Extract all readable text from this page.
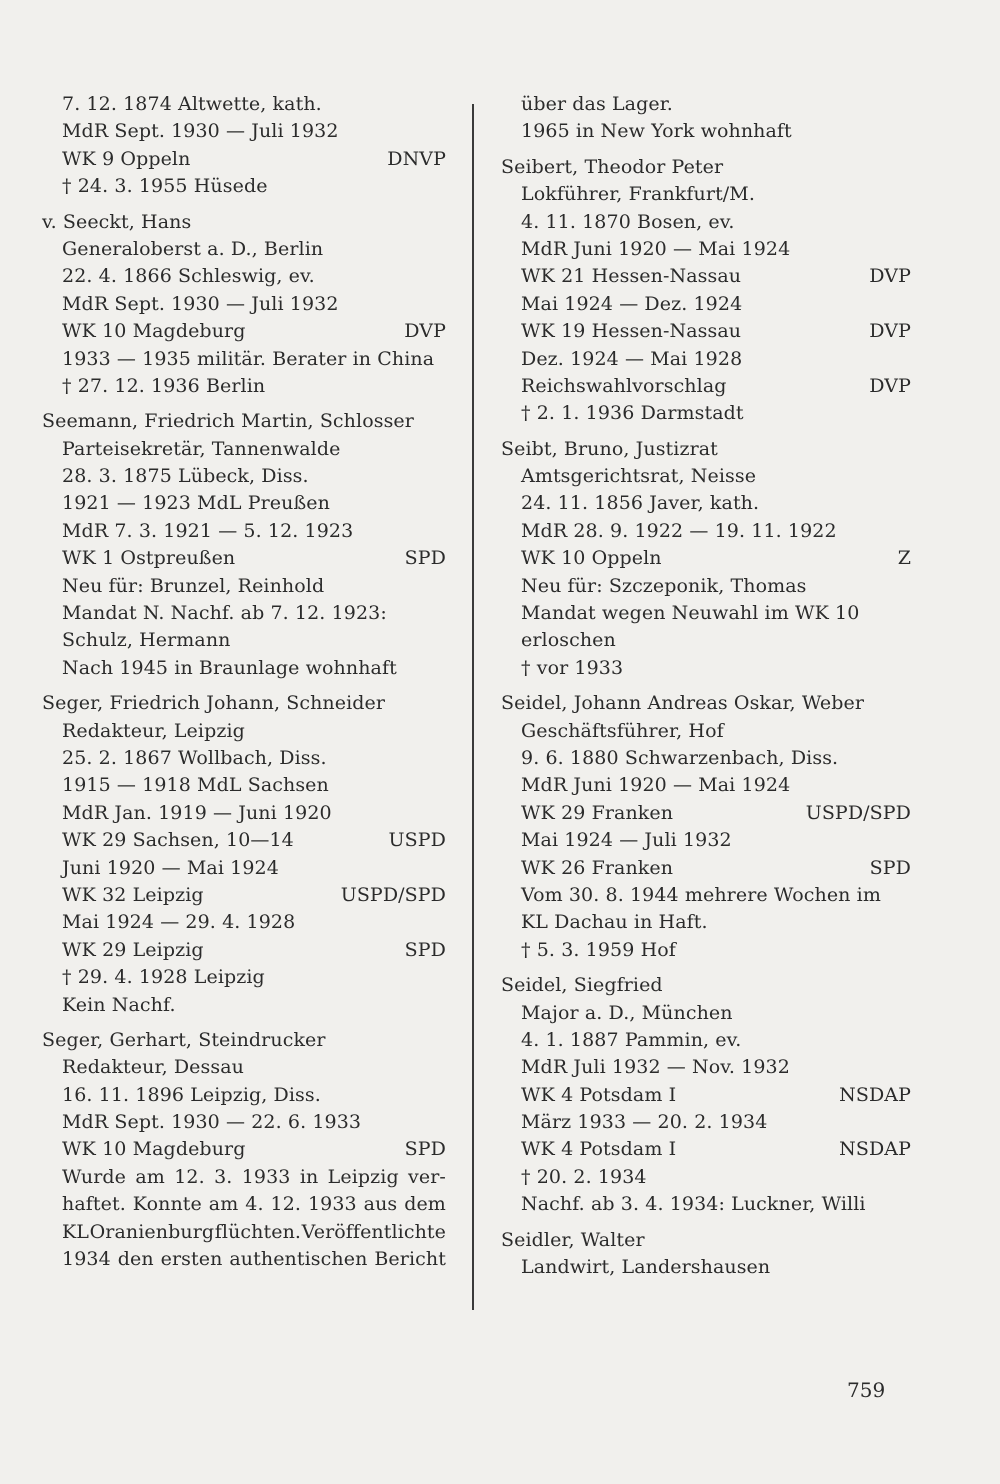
7. 12. 1874 Altwette, kath.
MdR Sept. 1930 — Juli 1932
WK 9 Oppeln	DNVP
† 24. 3. 1955 Hüsede
v. Seeckt, Hans
Generaloberst a. D., Berlin
22. 4. 1866 Schleswig, ev.
MdR Sept. 1930 — Juli 1932
WK 10 Magdeburg	DVP
1933 — 1935 militär. Berater in China
† 27. 12. 1936 Berlin
Seemann, Friedrich Martin, Schlosser
Parteisekretär, Tannenwalde
28. 3. 1875 Lübeck, Diss.
1921 — 1923 MdL Preußen
MdR 7. 3. 1921 — 5. 12. 1923
WK 1 Ostpreußen	SPD
Neu für: Brunzel, Reinhold
Mandat N. Nachf. ab 7. 12. 1923:
Schulz, Hermann
Nach 1945 in Braunlage wohnhaft
Seger, Friedrich Johann, Schneider
Redakteur, Leipzig
25. 2. 1867 Wollbach, Diss.
1915 — 1918 MdL Sachsen
MdR Jan. 1919 — Juni 1920
WK 29 Sachsen, 10—14	USPD
Juni 1920 — Mai 1924
WK 32 Leipzig	USPD/SPD
Mai 1924 — 29. 4. 1928
WK 29 Leipzig	SPD
† 29. 4. 1928 Leipzig
Kein Nachf.
Seger, Gerhart, Steindrucker
Redakteur, Dessau
16. 11. 1896 Leipzig, Diss.
MdR Sept. 1930 — 22. 6. 1933
WK 10 Magdeburg	SPD
Wurde am 12. 3. 1933 in Leipzig ver-
haftet. Konnte am 4. 12. 1933 aus dem
KL Oranienburg flüchten. Veröffentlichte
1934 den ersten authentischen Bericht
über das Lager.
1965 in New York wohnhaft
Seibert, Theodor Peter
Lokführer, Frankfurt/M.
4. 11. 1870 Bosen, ev.
MdR Juni 1920 — Mai 1924
WK 21 Hessen-Nassau	DVP
Mai 1924 — Dez. 1924
WK 19 Hessen-Nassau	DVP
Dez. 1924 — Mai 1928
Reichswahlvorschlag	DVP
† 2. 1. 1936 Darmstadt
Seibt, Bruno, Justizrat
Amtsgerichtsrat, Neisse
24. 11. 1856 Javer, kath.
MdR 28. 9. 1922 — 19. 11. 1922
WK 10 Oppeln	Z
Neu für: Szczeponik, Thomas
Mandat wegen Neuwahl im WK 10
erloschen
† vor 1933
Seidel, Johann Andreas Oskar, Weber
Geschäftsführer, Hof
9. 6. 1880 Schwarzenbach, Diss.
MdR Juni 1920 — Mai 1924
WK 29 Franken	USPD/SPD
Mai 1924 — Juli 1932
WK 26 Franken	SPD
Vom 30. 8. 1944 mehrere Wochen im
KL Dachau in Haft.
† 5. 3. 1959 Hof
Seidel, Siegfried
Major a. D., München
4. 1. 1887 Pammin, ev.
MdR Juli 1932 — Nov. 1932
WK 4 Potsdam I	NSDAP
März 1933 — 20. 2. 1934
WK 4 Potsdam I	NSDAP
† 20. 2. 1934
Nachf. ab 3. 4. 1934: Luckner, Willi
Seidler, Walter
Landwirt, Landershausen
759
